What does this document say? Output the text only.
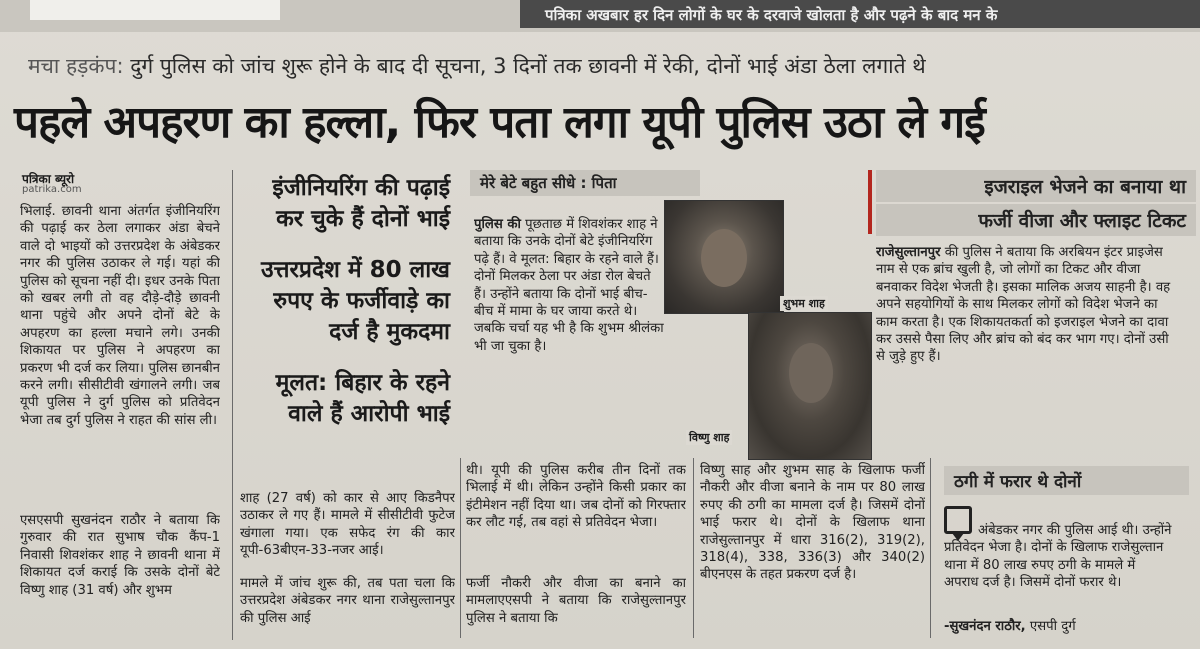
पत्रिका अखबार हर दिन लोगों के घर के दरवाजे खोलता है और पढ़ने के बाद मन के
मचा हड़कंप: दुर्ग पुलिस को जांच शुरू होने के बाद दी सूचना, 3 दिनों तक छावनी में रेकी, दोनों भाई अंडा ठेला लगाते थे
पहले अपहरण का हल्ला, फिर पता लगा यूपी पुलिस उठा ले गई
पत्रिका ब्यूरो
patrika.com
भिलाई. छावनी थाना अंतर्गत इंजीनियरिंग की पढ़ाई कर ठेला लगाकर अंडा बेचने वाले दो भाइयों को उत्तरप्रदेश के अंबेडकर नगर की पुलिस उठाकर ले गई। यहां की पुलिस को सूचना नहीं दी। इधर उनके पिता को खबर लगी तो वह दौड़े-दौड़े छावनी थाना पहुंचे और अपने दोनों बेटे के अपहरण का हल्ला मचाने लगे। उनकी शिकायत पर पुलिस ने अपहरण का प्रकरण भी दर्ज कर लिया। पुलिस छानबीन करने लगी। सीसीटीवी खंगालने लगी। जब यूपी पुलिस ने दुर्ग पुलिस को प्रतिवेदन भेजा तब दुर्ग पुलिस ने राहत की सांस ली।
एसएसपी सुखनंदन राठौर ने बताया कि गुरुवार की रात सुभाष चौक कैंप-1 निवासी शिवशंकर शाह ने छावनी थाना में शिकायत दर्ज कराई कि उसके दोनों बेटे विष्णु शाह (31 वर्ष) और शुभम
इंजीनियरिंग की पढ़ाई कर चुके हैं दोनों भाई
उत्तरप्रदेश में 80 लाख रुपए के फर्जीवाड़े का दर्ज है मुकदमा
मूलत: बिहार के रहने वाले हैं आरोपी भाई
शाह (27 वर्ष) को कार से आए किडनैपर उठाकर ले गए हैं। मामले में सीसीटीवी फुटेज खंगाला गया। एक सफेद रंग की कार यूपी-63बीएन-33-नजर आई।
मामले में जांच शुरू की, तब पता चला कि उत्तरप्रदेश अंबेडकर नगर थाना राजेसुल्तानपुर की पुलिस आई
थी। यूपी की पुलिस करीब तीन दिनों तक भिलाई में थी। लेकिन उन्होंने किसी प्रकार का इंटीमेशन नहीं दिया था। जब दोनों को गिरफ्तार कर लौट गई, तब वहां से प्रतिवेदन भेजा।
फर्जी नौकरी और वीजा का बनाने का मामलाएएसपी ने बताया कि राजेसुल्तानपुर पुलिस ने बताया कि
विष्णु साह और शुभम साह के खिलाफ फर्जी नौकरी और वीजा बनाने के नाम पर 80 लाख रुपए की ठगी का मामला दर्ज है। जिसमें दोनों भाई फरार थे। दोनों के खिलाफ थाना राजेसुल्तानपुर में धारा 316(2), 319(2), 318(4), 338, 336(3) और 340(2) बीएनएस के तहत प्रकरण दर्ज है।
मेरे बेटे बहुत सीधे : पिता
पुलिस की पूछताछ में शिवशंकर शाह ने बताया कि उनके दोनों बेटे इंजीनियरिंग पढ़े हैं। वे मूलत: बिहार के रहने वाले हैं। दोनों मिलकर ठेला पर अंडा रोल बेचते हैं। उन्होंने बताया कि दोनों भाई बीच-बीच में मामा के घर जाया करते थे। जबकि चर्चा यह भी है कि शुभम श्रीलंका भी जा चुका है।
शुभम शाह
विष्णु शाह
इजराइल भेजने का बनाया था
फर्जी वीजा और फ्लाइट टिकट
राजेसुल्तानपुर की पुलिस ने बताया कि अरबियन इंटर प्राइजेस नाम से एक ब्रांच खुली है, जो लोगों का टिकट और वीजा बनवाकर विदेश भेजती है। इसका मालिक अजय साहनी है। वह अपने सहयोगियों के साथ मिलकर लोगों को विदेश भेजने का काम करता है। एक शिकायतकर्ता को इजराइल भेजने का दावा कर उससे पैसा लिए और ब्रांच को बंद कर भाग गए। दोनों उसी से जुड़े हुए हैं।
ठगी में फरार थे दोनों
अंबेडकर नगर की पुलिस आई थी। उन्होंने प्रतिवेदन भेजा है। दोनों के खिलाफ राजेसुल्तान थाना में 80 लाख रुपए ठगी के मामले में अपराध दर्ज है। जिसमें दोनों फरार थे।
-सुखनंदन राठौर, एसपी दुर्ग
